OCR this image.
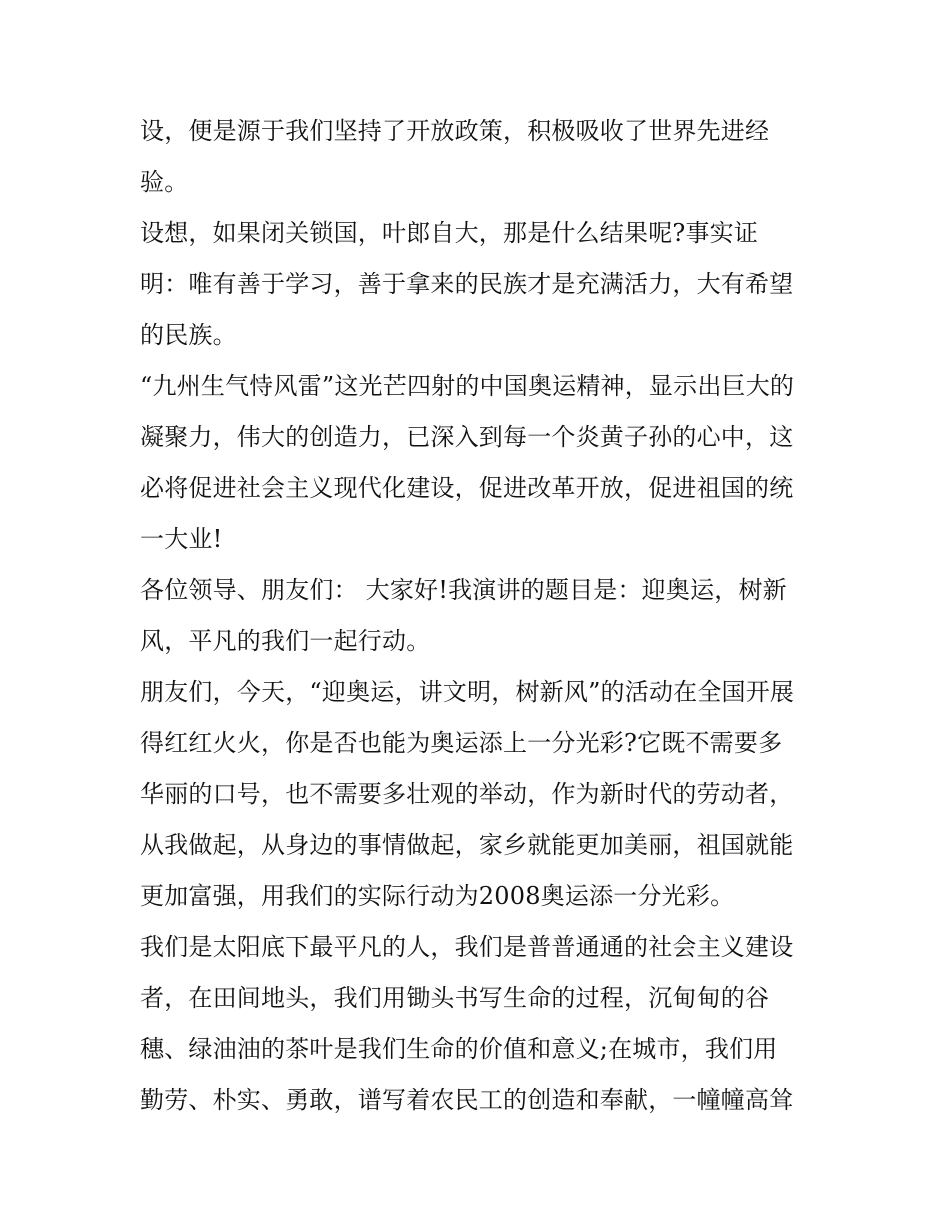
设，便是源于我们坚持了开放政策，积极吸收了世界先进经
验。
设想，如果闭关锁国，叶郎自大，那是什么结果呢?事实证
明：唯有善于学习，善于拿来的民族才是充满活力，大有希望
的民族。
“九州生气恃风雷”这光芒四射的中国奥运精神，显示出巨大的
凝聚力，伟大的创造力，已深入到每一个炎黄子孙的心中，这
必将促进社会主义现代化建设，促进改革开放，促进祖国的统
一大业!
各位领导、朋友们： 大家好!我演讲的题目是：迎奥运，树新
风，平凡的我们一起行动。
朋友们，今天，“迎奥运，讲文明，树新风”的活动在全国开展
得红红火火，你是否也能为奥运添上一分光彩?它既不需要多
华丽的口号，也不需要多壮观的举动，作为新时代的劳动者，
从我做起，从身边的事情做起，家乡就能更加美丽，祖国就能
更加富强，用我们的实际行动为2008奥运添一分光彩。
我们是太阳底下最平凡的人，我们是普普通通的社会主义建设
者，在田间地头，我们用锄头书写生命的过程，沉甸甸的谷
穗、绿油油的茶叶是我们生命的价值和意义;在城市，我们用
勤劳、朴实、勇敢，谱写着农民工的创造和奉献，一幢幢高耸
